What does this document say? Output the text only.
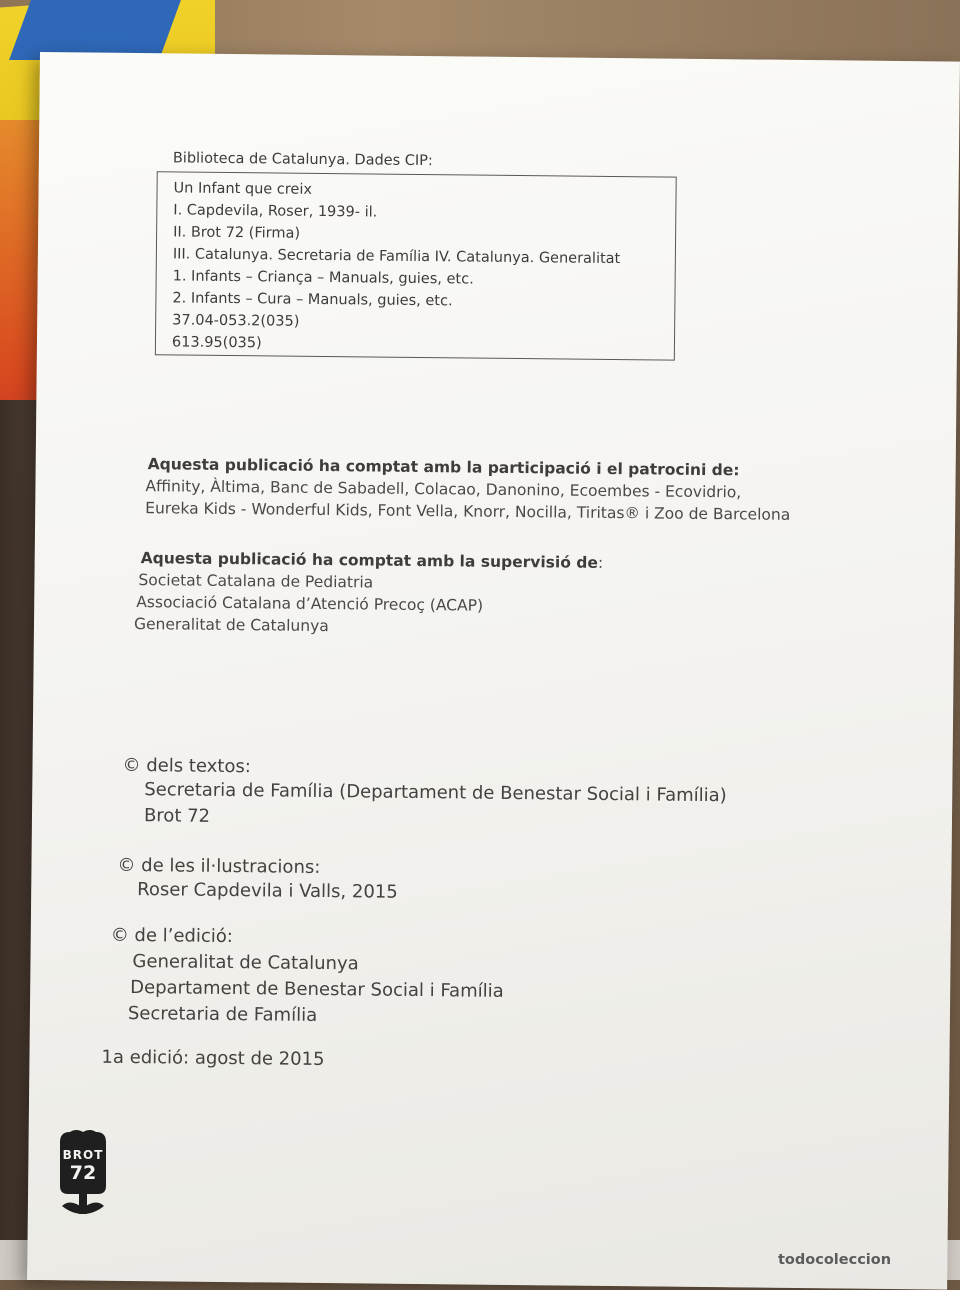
Biblioteca de Catalunya. Dades CIP:
Un Infant que creix
I. Capdevila, Roser, 1939- il.
II. Brot 72 (Firma)
III. Catalunya. Secretaria de Família IV. Catalunya. Generalitat
1. Infants – Criança – Manuals, guies, etc.
2. Infants – Cura – Manuals, guies, etc.
37.04-053.2(035)
613.95(035)
Aquesta publicació ha comptat amb la participació i el patrocini de:
Affinity, Àltima, Banc de Sabadell, Colacao, Danonino, Ecoembes - Ecovidrio,
Eureka Kids - Wonderful Kids, Font Vella, Knorr, Nocilla, Tiritas® i Zoo de Barcelona
Aquesta publicació ha comptat amb la supervisió de:
Societat Catalana de Pediatria
Associació Catalana d’Atenció Precoç (ACAP)
Generalitat de Catalunya
© dels textos:
Secretaria de Família (Departament de Benestar Social i Família)
Brot 72
© de les il·lustracions:
Roser Capdevila i Valls, 2015
© de l’edició:
Generalitat de Catalunya
Departament de Benestar Social i Família
Secretaria de Família
1a edició: agost de 2015
BROT
72
todocoleccion
